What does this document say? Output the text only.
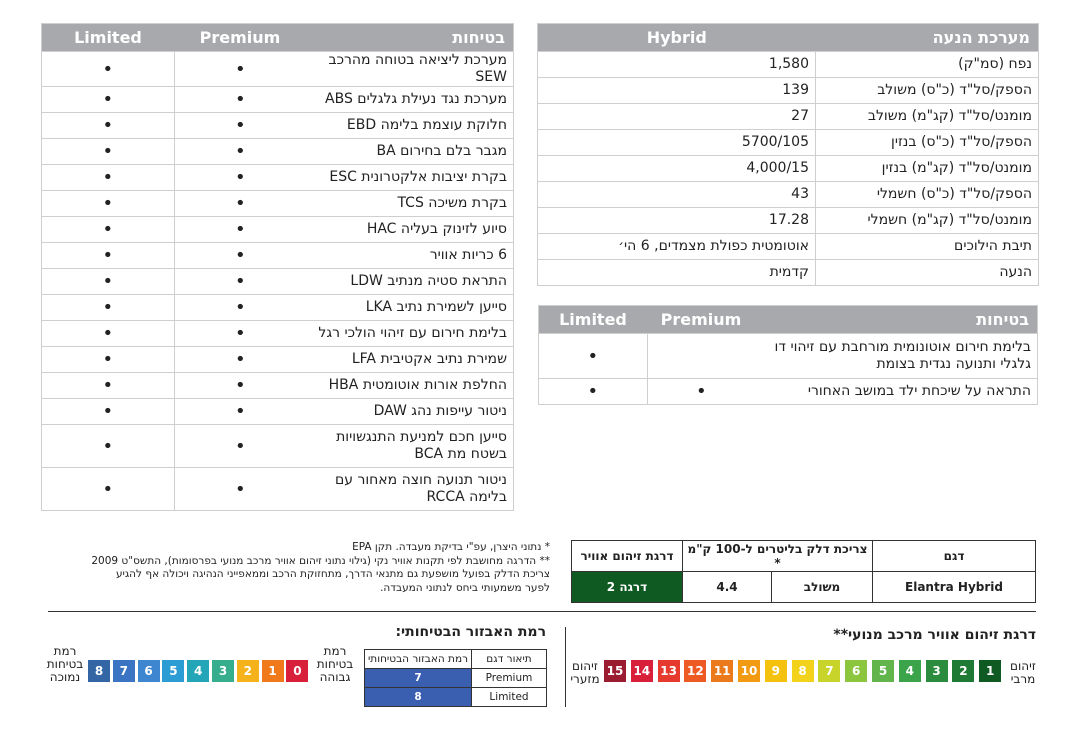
מערכת הנעה	Hybrid
נפח (סמ"ק)	1,580
הספק/סל"ד (כ"ס) משולב	139
מומנט/סל"ד (קג"מ) משולב	27
הספק/סל"ד (כ"ס) בנזין	5700/105
מומנט/סל"ד (קג"מ) בנזין	4,000/15
הספק/סל"ד (כ"ס) חשמלי	43
מומנט/סל"ד (קג"מ) חשמלי	17.28
תיבת הילוכים	אוטומטית כפולת מצמדים, 6 הי׳
הנעה	קדמית
בטיחות	Premium	Limited
מערכת ליציאה בטוחה מהרכב SEW	•	•
מערכת נגד נעילת גלגלים ABS	•	•
חלוקת עוצמת בלימה EBD	•	•
מגבר בלם בחירום BA	•	•
בקרת יציבות אלקטרונית ESC	•	•
בקרת משיכה TCS	•	•
סיוע לזינוק בעליה HAC	•	•
6 כריות אוויר	•	•
התראת סטיה מנתיב LDW	•	•
סייען לשמירת נתיב LKA	•	•
בלימת חירום עם זיהוי הולכי רגל	•	•
שמירת נתיב אקטיבית LFA	•	•
החלפת אורות אוטומטית HBA	•	•
ניטור עייפות נהג DAW	•	•
סייען חכם למניעת התנגשויות בשטח מת BCA	•	•
ניטור תנועה חוצה מאחור עם בלימה RCCA	•	•
בטיחות	Premium	Limited
בלימת חירום אוטונומית מורחבת עם זיהוי דו גלגלי ותנועה נגדית בצומת		•
התראה על שיכחת ילד במושב האחורי	•	•
* נתוני היצרן, עפ"י בדיקת מעבדה. תקן EPA
** הדרגה מחושבת לפי תקנות אוויר נקי (גילוי נתוני זיהום אוויר מרכב מנועי בפרסומות), התשס"ט 2009
צריכת הדלק בפועל מושפעת גם מתנאי הדרך, מתחזוקת הרכב וממאפייני הנהיגה ויכולה אף להגיע
לפער משמעותי ביחס לנתוני המעבדה.
דגם	צריכת דלק בליטרים ל-100 ק"מ *		דרגת זיהום אוויר
Elantra Hybrid	משולב	4.4	דרגה 2
דרגת זיהום אוויר מרכב מנועי**
זיהום
מרבי
זיהום
מזערי
15 14 13 12 11 10	9	8	7	6	5	4	3	2	1
רמת האבזור הבטיחותי:
רמת
בטיחות
גבוהה
רמת
בטיחות
נמוכה	8	7	6	5	4	3	2	1	0
תיאור דגם	רמת האבזור הבטיחותי
Premium	7
Limited	8
